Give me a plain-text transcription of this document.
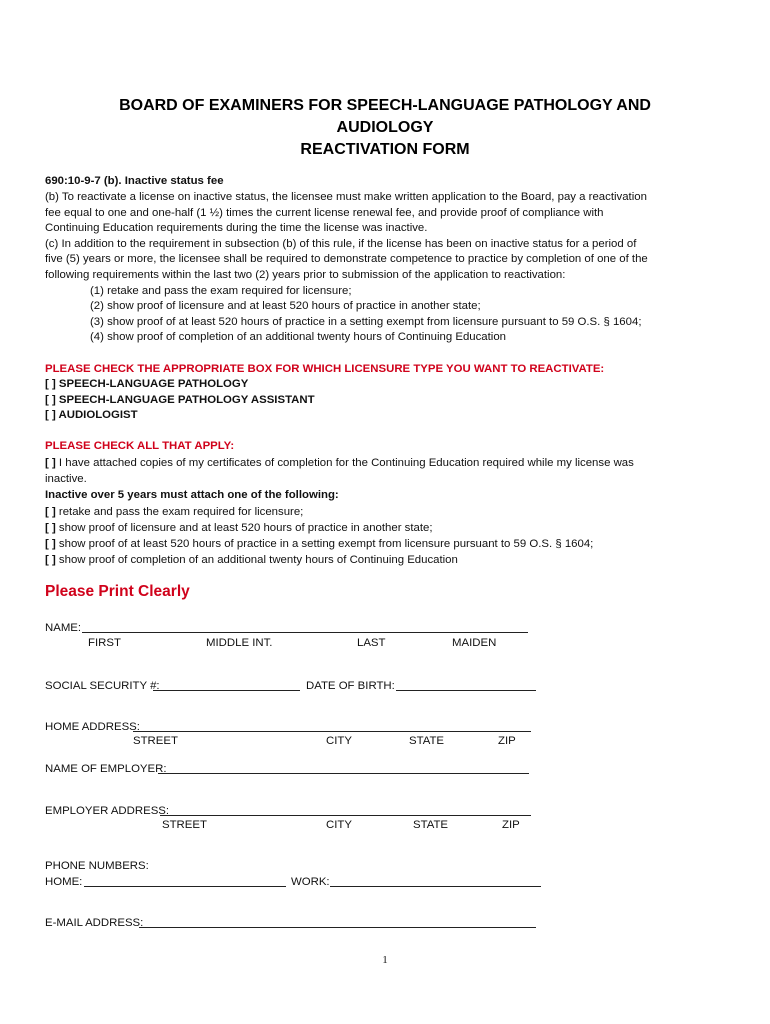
BOARD OF EXAMINERS FOR SPEECH-LANGUAGE PATHOLOGY AND
AUDIOLOGY
REACTIVATION FORM
690:10-9-7 (b). Inactive status fee
(b) To reactivate a license on inactive status, the licensee must make written application to the Board, pay a reactivation
fee equal to one and one-half (1 ½) times the current license renewal fee, and provide proof of compliance with
Continuing Education requirements during the time the license was inactive.
(c) In addition to the requirement in subsection (b) of this rule, if the license has been on inactive status for a period of
five (5) years or more, the licensee shall be required to demonstrate competence to practice by completion of one of the
following requirements within the last two (2) years prior to submission of the application to reactivation:
(1) retake and pass the exam required for licensure;
(2) show proof of licensure and at least 520 hours of practice in another state;
(3) show proof of at least 520 hours of practice in a setting exempt from licensure pursuant to 59 O.S. § 1604;
(4) show proof of completion of an additional twenty hours of Continuing Education
PLEASE CHECK THE APPROPRIATE BOX FOR WHICH LICENSURE TYPE YOU WANT TO REACTIVATE:
[ ] SPEECH-LANGUAGE PATHOLOGY
[ ] SPEECH-LANGUAGE PATHOLOGY ASSISTANT
[ ] AUDIOLOGIST
PLEASE CHECK ALL THAT APPLY:
[ ] I have attached copies of my certificates of completion for the Continuing Education required while my license was
inactive.
Inactive over 5 years must attach one of the following:
[ ] retake and pass the exam required for licensure;
[ ] show proof of licensure and at least 520 hours of practice in another state;
[ ] show proof of at least 520 hours of practice in a setting exempt from licensure pursuant to 59 O.S. § 1604;
[ ] show proof of completion of an additional twenty hours of Continuing Education
Please Print Clearly
NAME:
FIRST	MIDDLE INT.	LAST	MAIDEN
SOCIAL SECURITY #:	DATE OF BIRTH:
HOME ADDRESS:
STREET	CITY	STATE	ZIP
NAME OF EMPLOYER:
EMPLOYER ADDRESS:
STREET	CITY	STATE	ZIP
PHONE NUMBERS:
HOME:	WORK:
E-MAIL ADDRESS:
1
